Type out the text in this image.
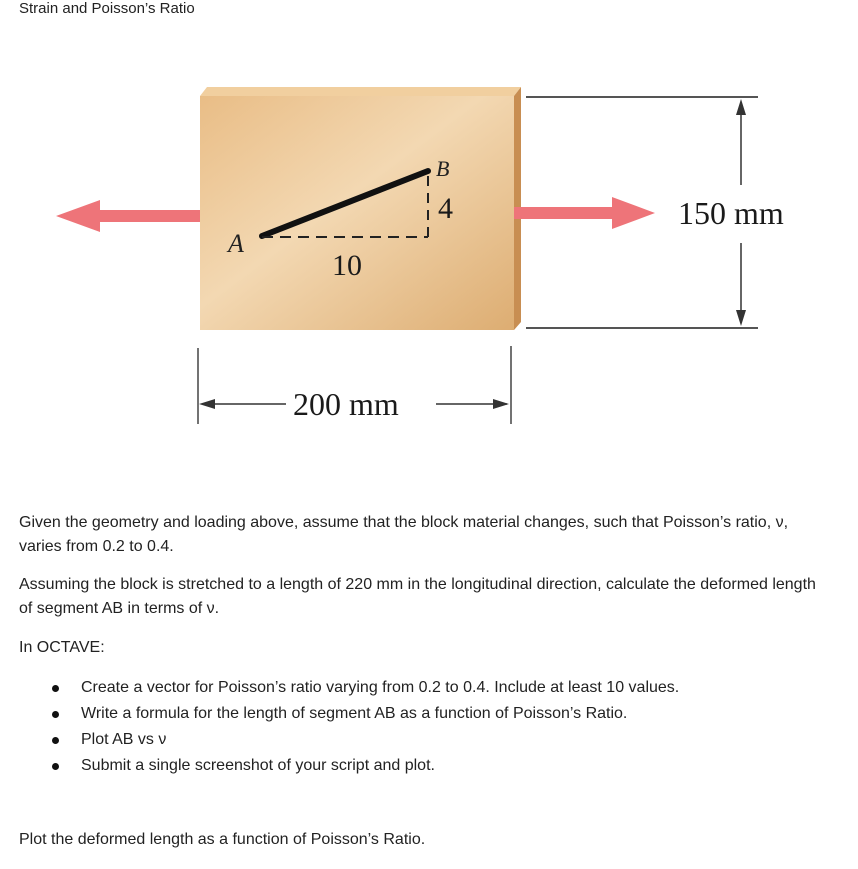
Strain and Poisson’s Ratio
A
B
10
4	150 mm
200 mm
Given the geometry and loading above, assume that the block material changes, such that Poisson’s ratio, ν, varies from 0.2 to 0.4.
Assuming the block is stretched to a length of 220 mm in the longitudinal direction, calculate the deformed length of segment AB in terms of ν.
In OCTAVE:
Create a vector for Poisson’s ratio varying from 0.2 to 0.4. Include at least 10 values.
Write a formula for the length of segment AB as a function of Poisson’s Ratio.
Plot AB vs ν
Submit a single screenshot of your script and plot.
Plot the deformed length as a function of Poisson’s Ratio.
